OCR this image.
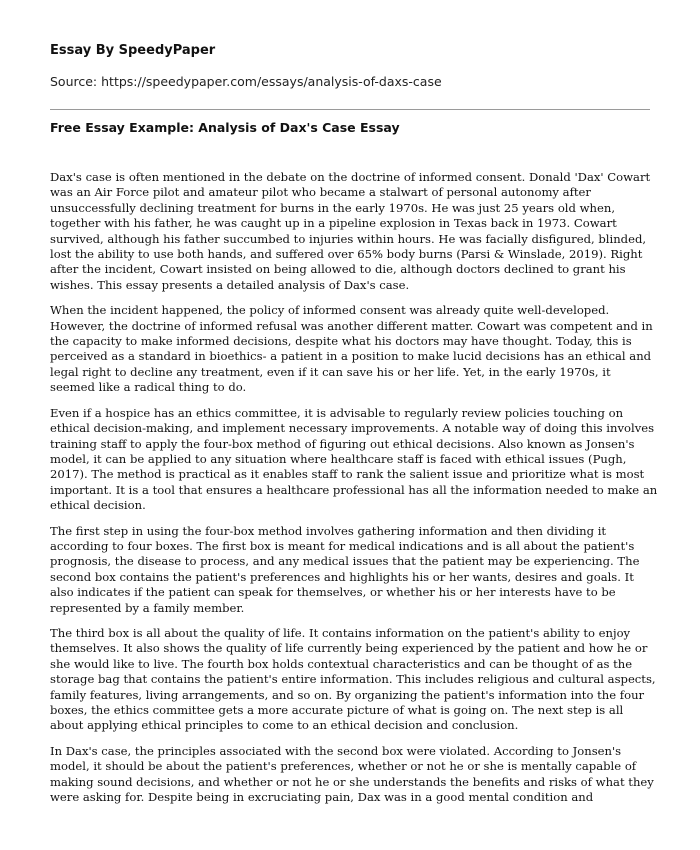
Essay By SpeedyPaper
Source: https://speedypaper.com/essays/analysis-of-daxs-case
Free Essay Example: Analysis of Dax's Case Essay

Dax's case is often mentioned in the debate on the doctrine of informed consent. Donald 'Dax' Cowart was an Air Force pilot and amateur pilot who became a stalwart of personal autonomy after unsuccessfully declining treatment for burns in the early 1970s. He was just 25 years old when, together with his father, he was caught up in a pipeline explosion in Texas back in 1973. Cowart survived, although his father succumbed to injuries within hours. He was facially disfigured, blinded, lost the ability to use both hands, and suffered over 65% body burns (Parsi & Winslade, 2019). Right after the incident, Cowart insisted on being allowed to die, although doctors declined to grant his wishes. This essay presents a detailed analysis of Dax's case.

When the incident happened, the policy of informed consent was already quite well-developed. However, the doctrine of informed refusal was another different matter. Cowart was competent and in the capacity to make informed decisions, despite what his doctors may have thought. Today, this is perceived as a standard in bioethics- a patient in a position to make lucid decisions has an ethical and legal right to decline any treatment, even if it can save his or her life. Yet, in the early 1970s, it seemed like a radical thing to do.

Even if a hospice has an ethics committee, it is advisable to regularly review policies touching on ethical decision-making, and implement necessary improvements. A notable way of doing this involves training staff to apply the four-box method of figuring out ethical decisions. Also known as Jonsen's model, it can be applied to any situation where healthcare staff is faced with ethical issues (Pugh, 2017). The method is practical as it enables staff to rank the salient issue and prioritize what is most important. It is a tool that ensures a healthcare professional has all the information needed to make an ethical decision.

The first step in using the four-box method involves gathering information and then dividing it according to four boxes. The first box is meant for medical indications and is all about the patient's prognosis, the disease to process, and any medical issues that the patient may be experiencing. The second box contains the patient's preferences and highlights his or her wants, desires and goals. It also indicates if the patient can speak for themselves, or whether his or her interests have to be represented by a family member.

The third box is all about the quality of life. It contains information on the patient's ability to enjoy themselves. It also shows the quality of life currently being experienced by the patient and how he or she would like to live. The fourth box holds contextual characteristics and can be thought of as the storage bag that contains the patient's entire information. This includes religious and cultural aspects, family features, living arrangements, and so on. By organizing the patient's information into the four boxes, the ethics committee gets a more accurate picture of what is going on. The next step is all about applying ethical principles to come to an ethical decision and conclusion.

In Dax's case, the principles associated with the second box were violated. According to Jonsen's model, it should be about the patient's preferences, whether or not he or she is mentally capable of making sound decisions, and whether or not he or she understands the benefits and risks of what they were asking for. Despite being in excruciating pain, Dax was in a good mental condition and
